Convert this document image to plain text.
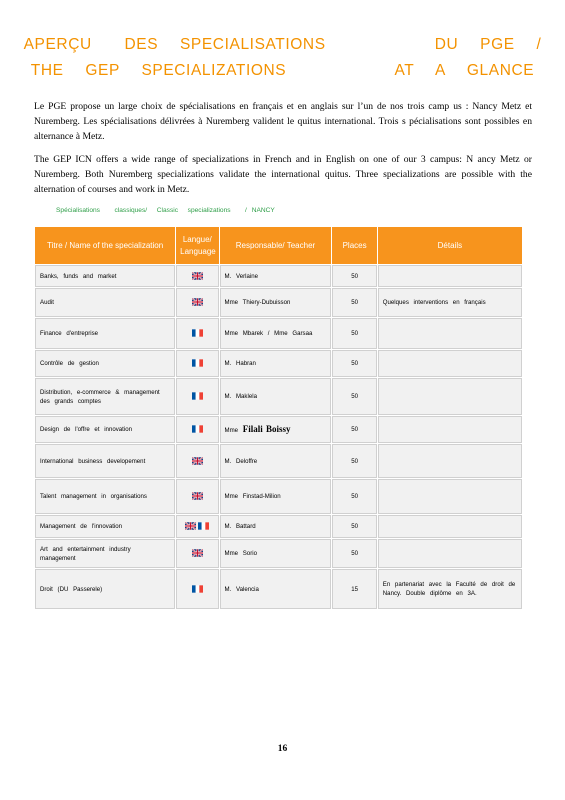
APERÇU   DES  SPECIALISATIONS          DU  PGE  /
THE  GEP  SPECIALIZATIONS          AT  A  GLANCE
Le PGE propose un large choix de spécialisations en français et en anglais sur l’un de nos trois camp us : Nancy Metz et Nuremberg. Les spécialisations délivrées à Nuremberg valident le quitus international. Trois s pécialisations sont possibles en alternance à Metz.
The GEP ICN offers a wide range of specializations in French and in English on one of our 3 campus: N ancy Metz or Nuremberg. Both Nuremberg specializations validate the international quitus. Three specializations are possible with the alternation of courses and work in Metz.
Spécialisations   classiques/  Classic  specializations   / NANCY
Titre / Name of the specialization	Langue/ Language	Responsable/ Teacher	Places	Détails
Banks, funds and market		M. Verlaine	50	
Audit		Mme Thiery-Dubuisson	50	Quelques interventions en français
Finance d'entreprise		Mme Mbarek / Mme Garsaa	50	
Contrôle de gestion		M. Habran	50	
Distribution, e-commerce & management des grands comptes		M. Maklela	50	
Design de l'offre et innovation		Mme Filali Boissy	50	
International business developement		M. Deloffre	50	
Talent management in organisations		Mme Finstad-Milion	50	
Management de l'innovation		M. Battard	50	
Art and entertainment industry management		Mme Sorio	50	
Droit (DU Passerele)		M. Valencia	15	En partenariat avec la Faculté de droit de Nancy. Double diplôme en 3A.
16
